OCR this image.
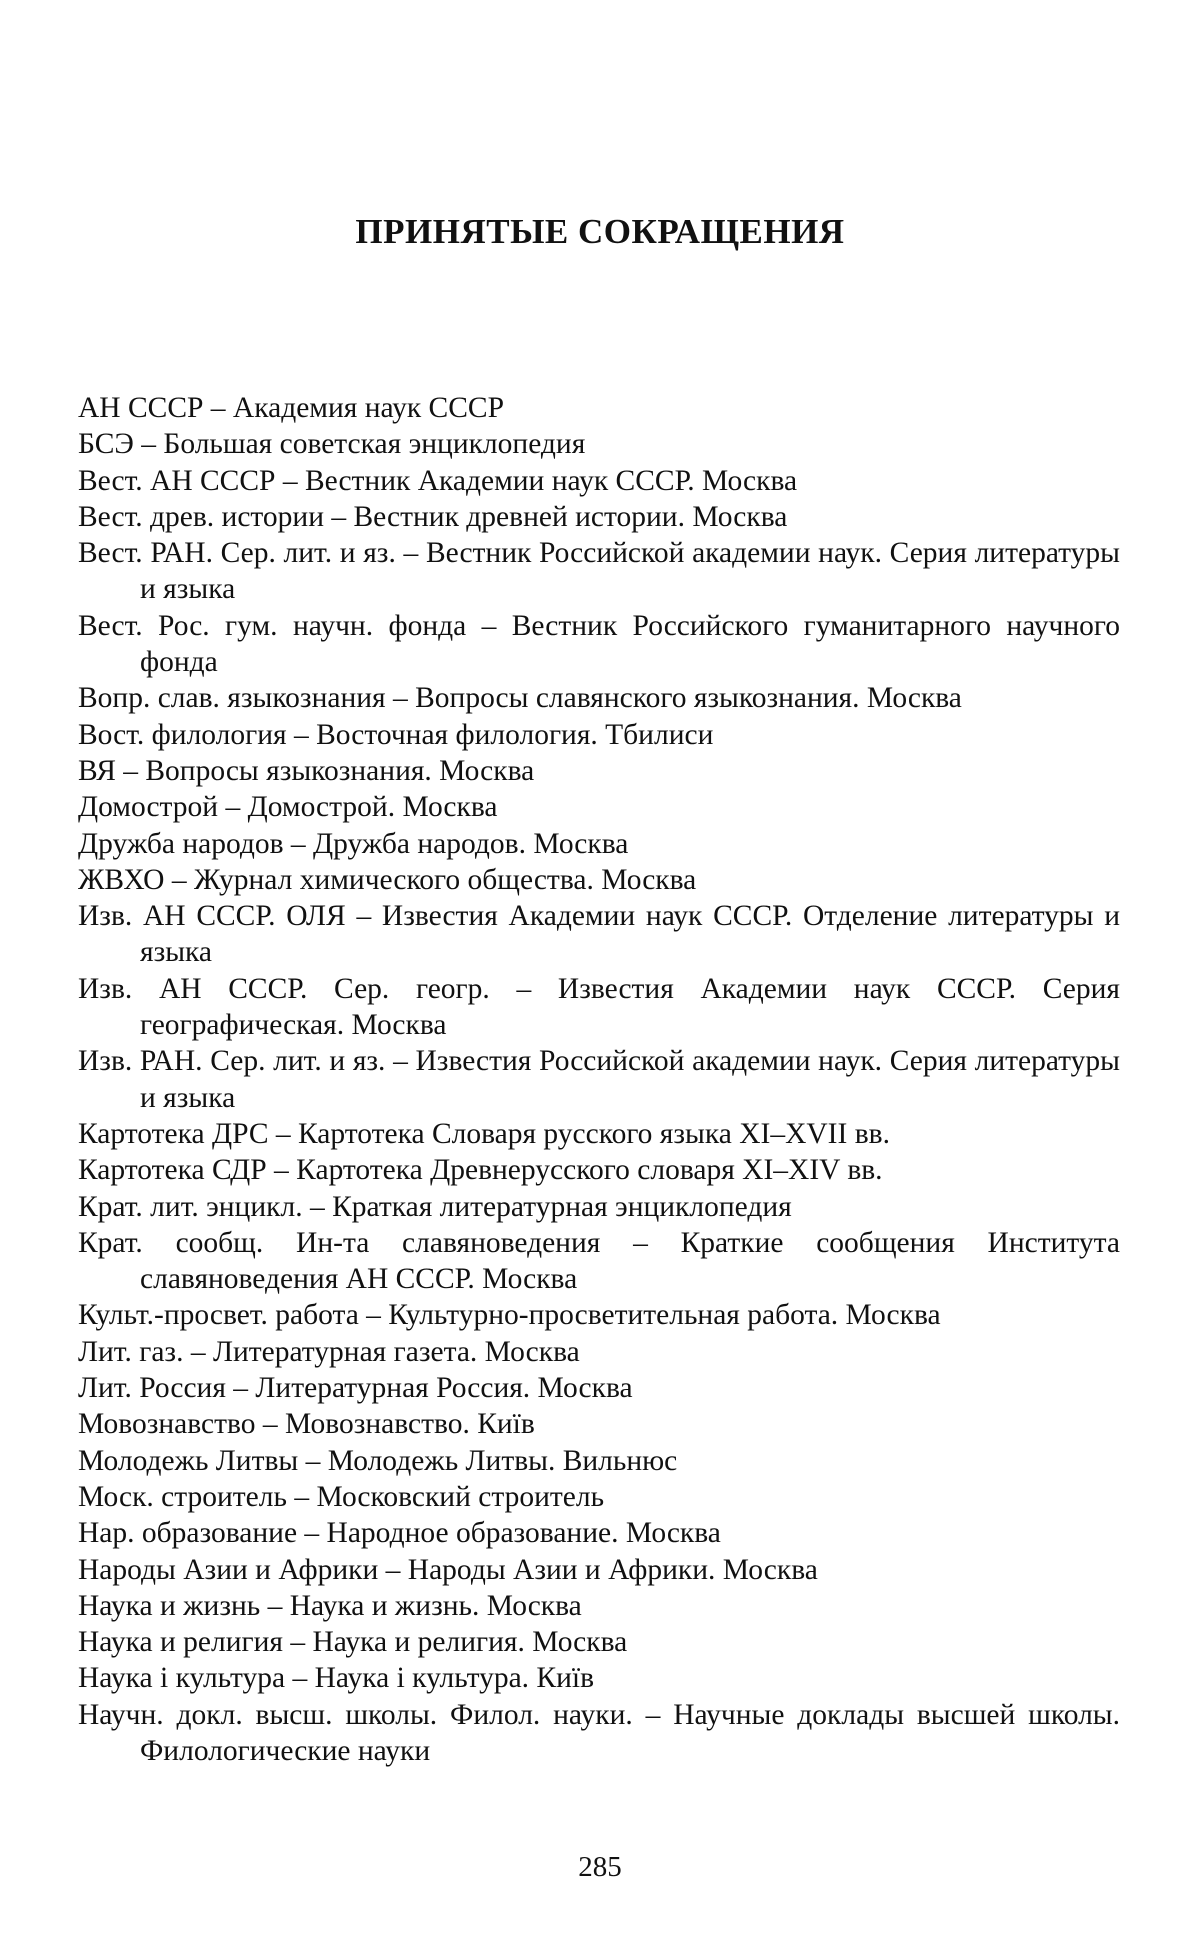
ПРИНЯТЫЕ СОКРАЩЕНИЯ
АН СССР – Академия наук СССР
БСЭ – Большая советская энциклопедия
Вест. АН СССР – Вестник Академии наук СССР. Москва
Вест. древ. истории – Вестник древней истории. Москва
Вест. РАН. Сер. лит. и яз. – Вестник Российской академии наук. Серия литературы и языка
Вест. Рос. гум. научн. фонда – Вестник Российского гуманитарного научного фонда
Вопр. слав. языкознания – Вопросы славянского языкознания. Москва
Вост. филология – Восточная филология. Тбилиси
ВЯ – Вопросы языкознания. Москва
Домострой – Домострой. Москва
Дружба народов – Дружба народов. Москва
ЖВХО – Журнал химического общества. Москва
Изв. АН СССР. ОЛЯ – Известия Академии наук СССР. Отделение литературы и языка
Изв. АН СССР. Сер. геогр. – Известия Академии наук СССР. Серия географическая. Москва
Изв. РАН. Сер. лит. и яз. – Известия Российской академии наук. Серия литературы и языка
Картотека ДРС – Картотека Словаря русского языка XI–XVII вв.
Картотека СДР – Картотека Древнерусского словаря XI–XIV вв.
Крат. лит. энцикл. – Краткая литературная энциклопедия
Крат. сообщ. Ин-та славяноведения – Краткие сообщения Института славяноведения АН СССР. Москва
Культ.-просвет. работа – Культурно-просветительная работа. Москва
Лит. газ. – Литературная газета. Москва
Лит. Россия – Литературная Россия. Москва
Мовознавство – Мовознавство. Київ
Молодежь Литвы – Молодежь Литвы. Вильнюс
Моск. строитель – Московский строитель
Нар. образование – Народное образование. Москва
Народы Азии и Африки – Народы Азии и Африки. Москва
Наука и жизнь – Наука и жизнь. Москва
Наука и религия – Наука и религия. Москва
Наука і культура – Наука і культура. Київ
Научн. докл. высш. школы. Филол. науки. – Научные доклады высшей школы. Филологические науки
285
